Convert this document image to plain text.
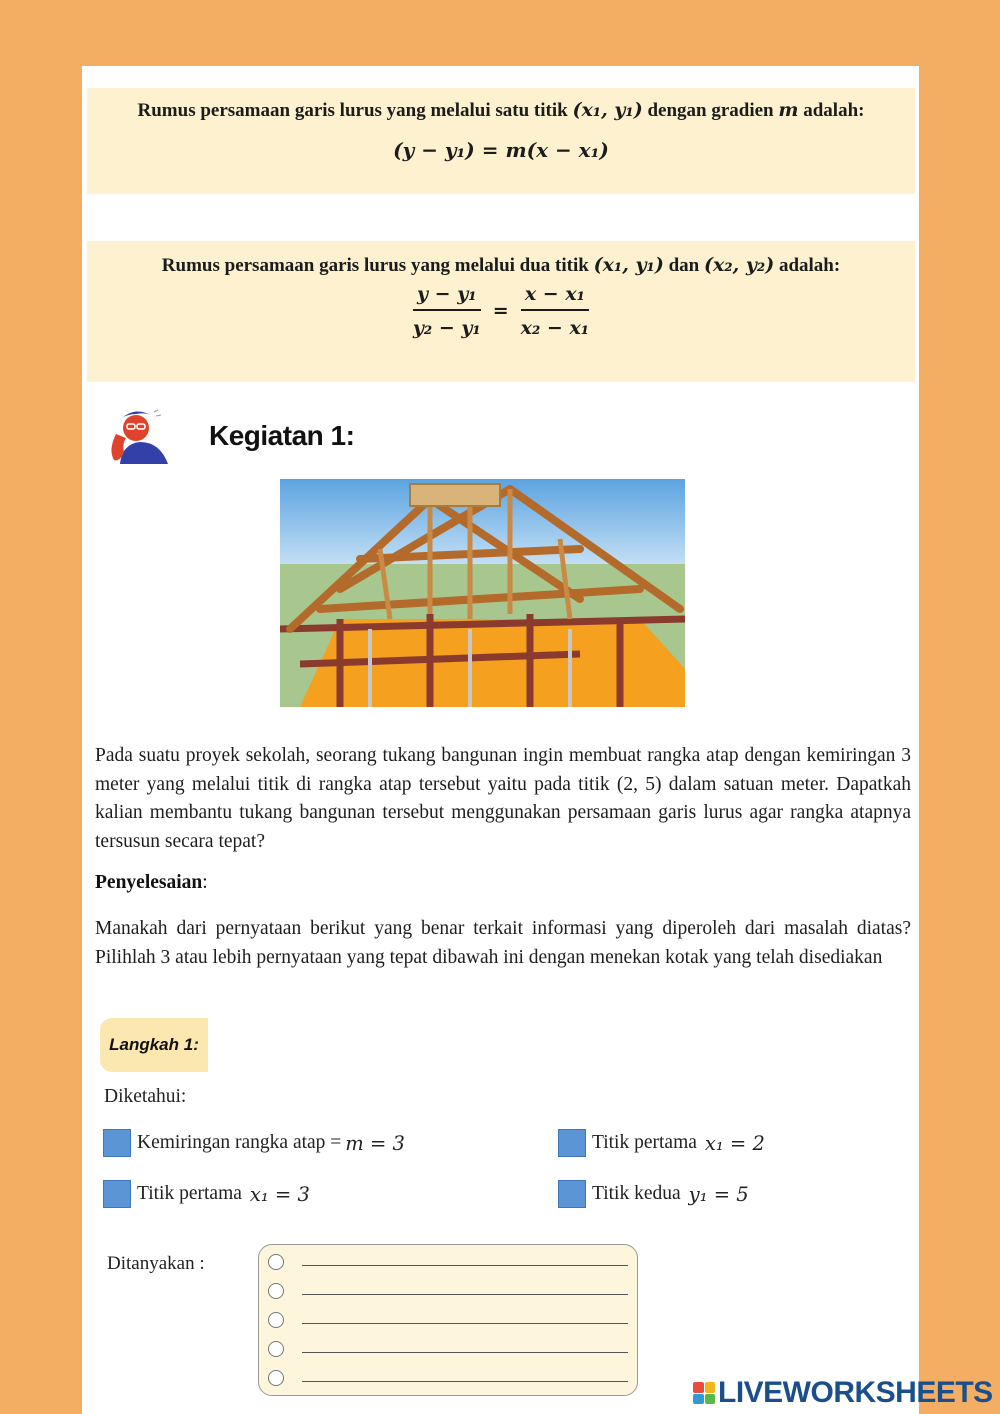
Rumus persamaan garis lurus yang melalui satu titik (x₁, y₁) dengan gradien m adalah:
(y − y₁) = m(x − x₁)
Rumus persamaan garis lurus yang melalui dua titik (x₁, y₁) dan (x₂, y₂) adalah:
$\frac{\text{y − y₁}}{\text{y₂ − y₁}} = \frac{\text{x − x₁}}{\text{x₂ − x₁}}$
Kegiatan 1:
Pada suatu proyek sekolah, seorang tukang bangunan ingin membuat rangka atap dengan kemiringan 3 meter yang melalui titik di rangka atap tersebut yaitu pada titik (2, 5) dalam satuan meter. Dapatkah kalian membantu tukang bangunan tersebut menggunakan persamaan garis lurus agar rangka atapnya tersusun secara tepat?
Penyelesaian:
Manakah dari pernyataan berikut yang benar terkait informasi yang diperoleh dari masalah diatas? Pilihlah 3 atau lebih pernyataan yang tepat dibawah ini dengan menekan kotak yang telah disediakan
Langkah 1:
Diketahui:
Kemiringan rangka atap = m = 3	Titik pertama x₁ = 2
Titik pertama x₁ = 3	Titik kedua y₁ = 5
Ditanyakan :
LIVEWORKSHEETS
